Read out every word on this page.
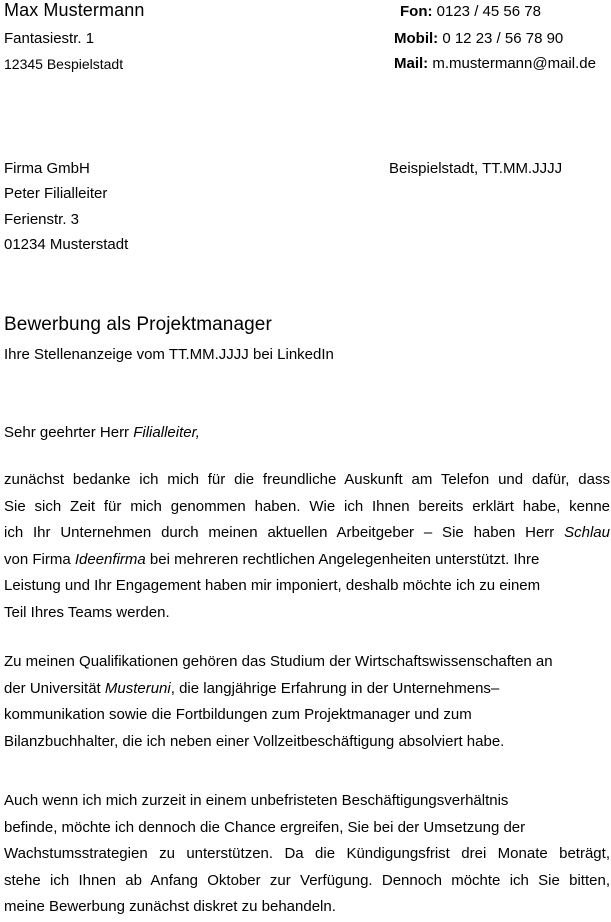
Max Mustermann
Fantasiestr. 1
12345 Bespielstadt
Fon: 0123 / 45 56 78
Mobil: 0 12 23 / 56 78 90
Mail: m.mustermann@mail.de
Firma GmbH
Peter Filialleiter
Ferienstr. 3
01234 Musterstadt
Beispielstadt, TT.MM.JJJJ
Bewerbung als Projektmanager
Ihre Stellenanzeige vom TT.MM.JJJJ bei LinkedIn
Sehr geehrter Herr Filialleiter,
zunächst bedanke ich mich für die freundliche Auskunft am Telefon und dafür, dass
Sie sich Zeit für mich genommen haben. Wie ich Ihnen bereits erklärt habe, kenne
ich Ihr Unternehmen durch meinen aktuellen Arbeitgeber – Sie haben Herr Schlau
von Firma Ideenfirma bei mehreren rechtlichen Angelegenheiten unterstützt. Ihre
Leistung und Ihr Engagement haben mir imponiert, deshalb möchte ich zu einem
Teil Ihres Teams werden.
Zu meinen Qualifikationen gehören das Studium der Wirtschaftswissenschaften an
der Universität Musteruni, die langjährige Erfahrung in der Unternehmens–
kommunikation sowie die Fortbildungen zum Projektmanager und zum
Bilanzbuchhalter, die ich neben einer Vollzeitbeschäftigung absolviert habe.
Auch wenn ich mich zurzeit in einem unbefristeten Beschäftigungsverhältnis
befinde, möchte ich dennoch die Chance ergreifen, Sie bei der Umsetzung der
Wachstumsstrategien zu unterstützen. Da die Kündigungsfrist drei Monate beträgt,
stehe ich Ihnen ab Anfang Oktober zur Verfügung. Dennoch möchte ich Sie bitten,
meine Bewerbung zunächst diskret zu behandeln.
